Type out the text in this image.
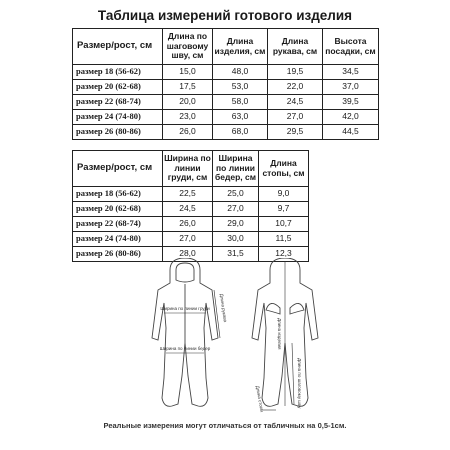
Таблица измерений готового изделия
Размер/рост, см	Длина по шаговому шву, см	Длина изделия, см	Длина рукава, см	Высота посадки, см
размер 18 (56-62)	15,0	48,0	19,5	34,5
размер 20 (62-68)	17,5	53,0	22,0	37,0
размер 22 (68-74)	20,0	58,0	24,5	39,5
размер 24 (74-80)	23,0	63,0	27,0	42,0
размер 26 (80-86)	26,0	68,0	29,5	44,5
Размер/рост, см	Ширина по линии груди, см	Ширина по линии бедер, см	Длина стопы, см
размер 18 (56-62)	22,5	25,0	9,0
размер 20 (62-68)	24,5	27,0	9,7
размер 22 (68-74)	26,0	29,0	10,7
размер 24 (74-80)	27,0	30,0	11,5
размер 26 (80-86)	28,0	31,5	12,3
Ширина по линии груди
Ширина по линии бедер
Длина рукава
Длина изделия
Длина по шаговому шву
Длина стопы
Реальные измерения могут отличаться от табличных на 0,5-1см.
